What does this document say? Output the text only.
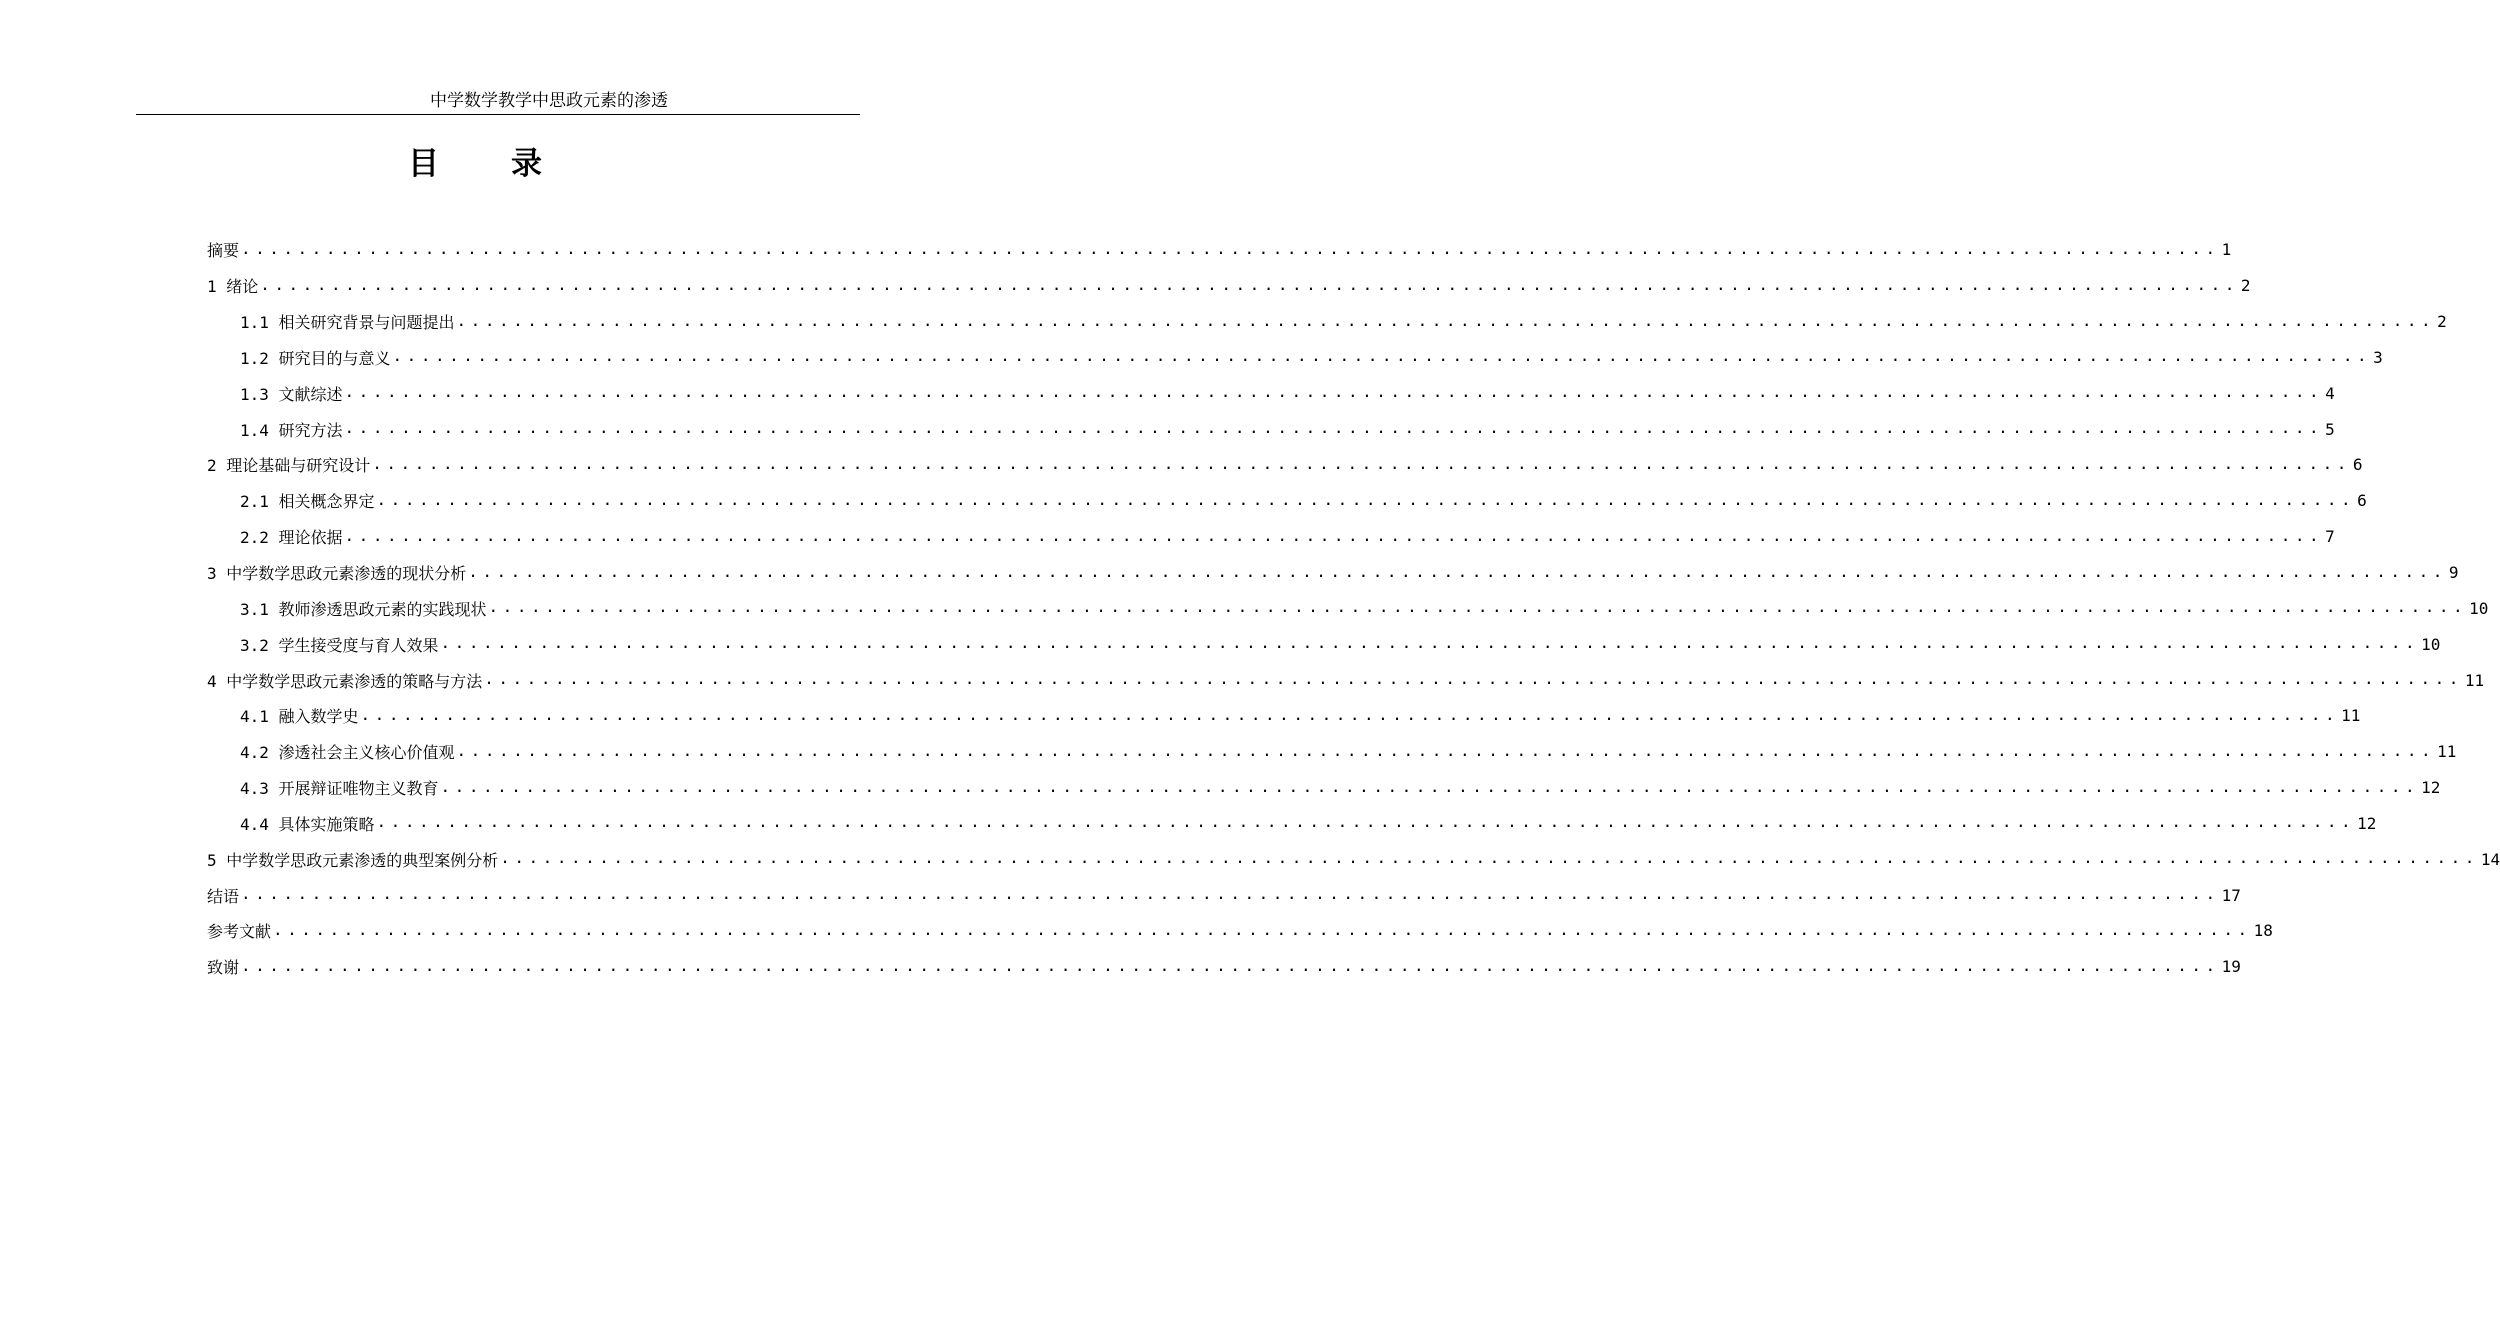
中学数学教学中思政元素的渗透
目录
摘要 ............................................................................................................................................ 1
1 绪论 ............................................................................................................................................ 2
1.1 相关研究背景与问题提出 ............................................................................................................................................ 2
1.2 研究目的与意义 ............................................................................................................................................ 3
1.3 文献综述 ............................................................................................................................................ 4
1.4 研究方法 ............................................................................................................................................ 5
2 理论基础与研究设计 ............................................................................................................................................ 6
2.1 相关概念界定 ............................................................................................................................................ 6
2.2 理论依据 ............................................................................................................................................ 7
3 中学数学思政元素渗透的现状分析 ............................................................................................................................................ 9
3.1 教师渗透思政元素的实践现状 ............................................................................................................................................ 10
3.2 学生接受度与育人效果 ............................................................................................................................................ 10
4 中学数学思政元素渗透的策略与方法 ............................................................................................................................................ 11
4.1 融入数学史 ............................................................................................................................................ 11
4.2 渗透社会主义核心价值观 ............................................................................................................................................ 11
4.3 开展辩证唯物主义教育 ............................................................................................................................................ 12
4.4 具体实施策略 ............................................................................................................................................ 12
5 中学数学思政元素渗透的典型案例分析 ............................................................................................................................................ 14
结语 ............................................................................................................................................ 17
参考文献 ............................................................................................................................................ 18
致谢 ............................................................................................................................................ 19
